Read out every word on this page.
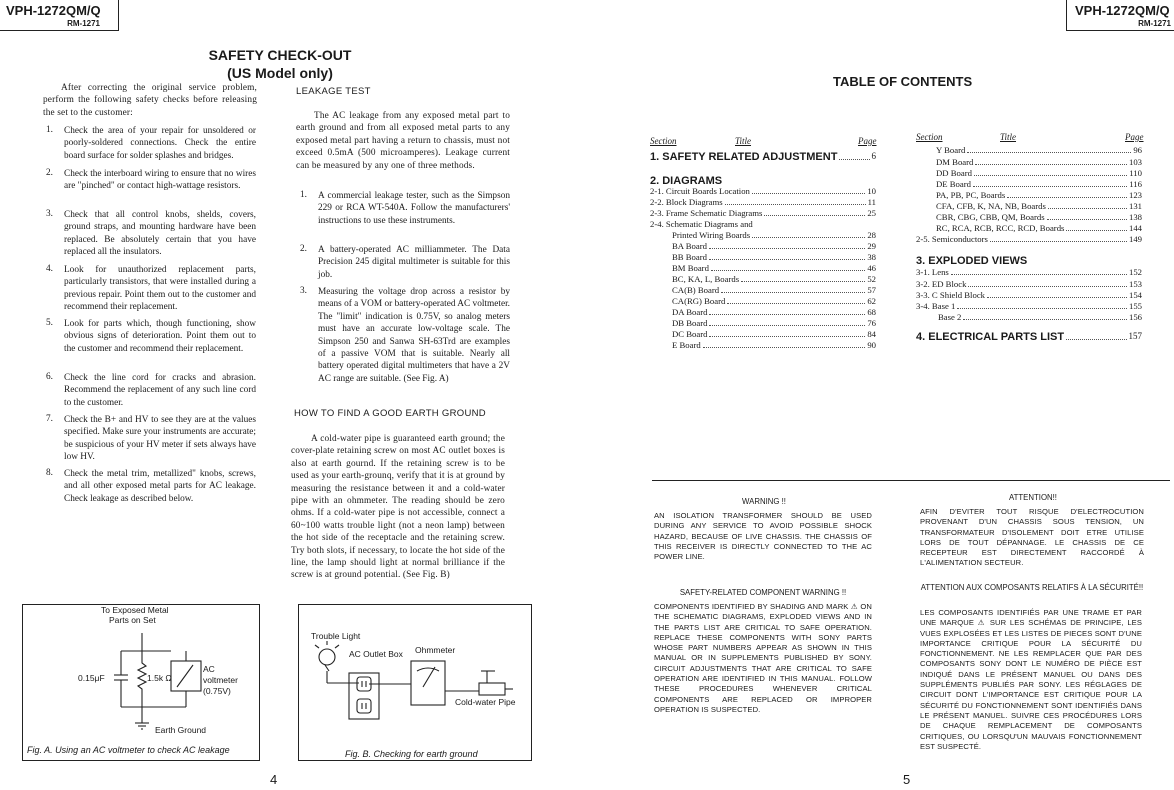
VPH-1272QM/Q
RM-1271
VPH-1272QM/Q
RM-1271
SAFETY CHECK-OUT
(US Model only)
After correcting the original service problem, perform the following safety checks before releasing the set to the customer:
1. Check the area of your repair for unsoldered or poorly-soldered connections. Check the entire board surface for solder splashes and bridges.
2. Check the interboard wiring to ensure that no wires are "pinched" or contact high-wattage resistors.
3. Check that all control knobs, shelds, covers, ground straps, and mounting hardware have been replaced. Be absolutely certain that you have replaced all the insulators.
4. Look for unauthorized replacement parts, particularly transistors, that were installed during a previous repair. Point them out to the customer and recommend their replacement.
5. Look for parts which, though functioning, show obvious signs of deterioration. Point them out to the customer and recommend their replacement.
6. Check the line cord for cracks and abrasion. Recommend the replacement of any such line cord to the customer.
7. Check the B+ and HV to see they are at the values specified. Make sure your instruments are accurate; be suspicious of your HV meter if sets always have low HV.
8. Check the metal trim, metallized" knobs, screws, and all other exposed metal parts for AC leakage. Check leakage as described below.
LEAKAGE TEST
The AC leakage from any exposed metal part to earth ground and from all exposed metal parts to any exposed metal part having a return to chassis, must not exceed 0.5mA (500 microamperes). Leakage current can be measured by any one of three methods.
1. A commercial leakage tester, such as the Simpson 229 or RCA WT-540A. Follow the manufacturers' instructions to use these instruments.
2. A battery-operated AC milliammeter. The Data Precision 245 digital multimeter is suitable for this job.
3. Measuring the voltage drop across a resistor by means of a VOM or battery-operated AC voltmeter. The "limit" indication is 0.75V, so analog meters must have an accurate low-voltage scale. The Simpson 250 and Sanwa SH-63Trd are examples of a passive VOM that is suitable. Nearly all battery operated digital multimeters that have a 2V AC range are suitable. (See Fig. A)
HOW TO FIND A GOOD EARTH GROUND
A cold-water pipe is guaranteed earth ground; the cover-plate retaining screw on most AC outlet boxes is also at earth gournd. If the retaining screw is to be used as your earth-grounq, verify that it is at ground by measuring the resistance between it and a cold-water pipe with an ohmmeter. The reading should be zero ohms. If a cold-water pipe is not accessible, connect a 60~100 watts trouble light (not a neon lamp) between the hot side of the receptacle and the retaining screw. Try both slots, if necessary, to locate the hot side of the line, the lamp should light at normal brilliance if the screw is at ground potential. (See Fig. B)
To Exposed Metal
Parts on Set
0.15μF	1.5k Ω
AC
voltmeter
(0.75V)
Earth Ground
Fig. A. Using an AC voltmeter to check AC leakage
Trouble Light
AC Outlet Box Ohmmeter
Cold-water Pipe
Fig. B. Checking for earth ground
4	5
TABLE OF CONTENTS
Section	Title	Page	Section	Title	Page
1. SAFETY RELATED ADJUSTMENT	6
2. DIAGRAMS
2-1. Circuit Boards Location	10
2-2. Block Diagrams	11
2-3. Frame Schematic Diagrams	25
2-4. Schematic Diagrams and
Printed Wiring Boards	28
BA Board	29
BB Board	38
BM Board	46
BC, KA, L, Boards	52
CA(B) Board	57
CA(RG) Board	62
DA Board	68
DB Board	76
DC Board	84
E Board	90
Y Board	96
DM Board	103
DD Board	110
DE Board	116
PA, PB, PC, Boards	123
CFA, CFB, K, NA, NB, Boards	131
CBR, CBG, CBB, QM, Boards	138
RC, RCA, RCB, RCC, RCD, Boards	144
2-5. Semiconductors	149
3. EXPLODED VIEWS
3-1. Lens	152
3-2. ED Block	153
3-3. C Shield Block	154
3-4. Base 1	155
Base 2	156
4. ELECTRICAL PARTS LIST	157
WARNING !!
AN ISOLATION TRANSFORMER SHOULD BE USED DURING ANY SERVICE TO AVOID POSSIBLE SHOCK HAZARD, BECAUSE OF LIVE CHASSIS. THE CHASSIS OF THIS RECEIVER IS DIRECTLY CONNECTED TO THE AC POWER LINE.
SAFETY-RELATED COMPONENT WARNING !!
COMPONENTS IDENTIFIED BY SHADING AND MARK ⚠ ON THE SCHEMATIC DIAGRAMS, EXPLODED VIEWS AND IN THE PARTS LIST ARE CRITICAL TO SAFE OPERATION. REPLACE THESE COMPONENTS WITH SONY PARTS WHOSE PART NUMBERS APPEAR AS SHOWN IN THIS MANUAL OR IN SUPPLEMENTS PUBLISHED BY SONY. CIRCUIT ADJUSTMENTS THAT ARE CRITICAL TO SAFE OPERATION ARE IDENTIFIED IN THIS MANUAL. FOLLOW THESE PROCEDURES WHENEVER CRITICAL COMPONENTS ARE REPLACED OR IMPROPER OPERATION IS SUSPECTED.
ATTENTION!!
AFIN D'EVITER TOUT RISQUE D'ELECTROCUTION PROVENANT D'UN CHASSIS SOUS TENSION, UN TRANSFORMATEUR D'ISOLEMENT DOIT ETRE UTILISE LORS DE TOUT DÉPANNAGE. LE CHASSIS DE CE RECEPTEUR EST DIRECTEMENT RACCORDÉ À L'ALIMENTATION SECTEUR.
ATTENTION AUX COMPOSANTS RELATIFS À LA SÉCURITÉ!!
LES COMPOSANTS IDENTIFIÉS PAR UNE TRAME ET PAR UNE MARQUE ⚠ SUR LES SCHÉMAS DE PRINCIPE, LES VUES EXPLOSÉES ET LES LISTES DE PIECES SONT D'UNE IMPORTANCE CRITIQUE POUR LA SÉCURITÉ DU FONCTIONNEMENT. NE LES REMPLACER QUE PAR DES COMPOSANTS SONY DONT LE NUMÉRO DE PIÈCE EST INDIQUÉ DANS LE PRÉSENT MANUEL OU DANS DES SUPPLÉMENTS PUBLIÉS PAR SONY. LES RÉGLAGES DE CIRCUIT DONT L'IMPORTANCE EST CRITIQUE POUR LA SÉCURITÉ DU FONCTIONNEMENT SONT IDENTIFIÉS DANS LE PRÉSENT MANUEL. SUIVRE CES PROCÉDURES LORS DE CHAQUE REMPLACEMENT DE COMPOSANTS CRITIQUES, OU LORSQU'UN MAUVAIS FONCTIONNEMENT EST SUSPECTÉ.
